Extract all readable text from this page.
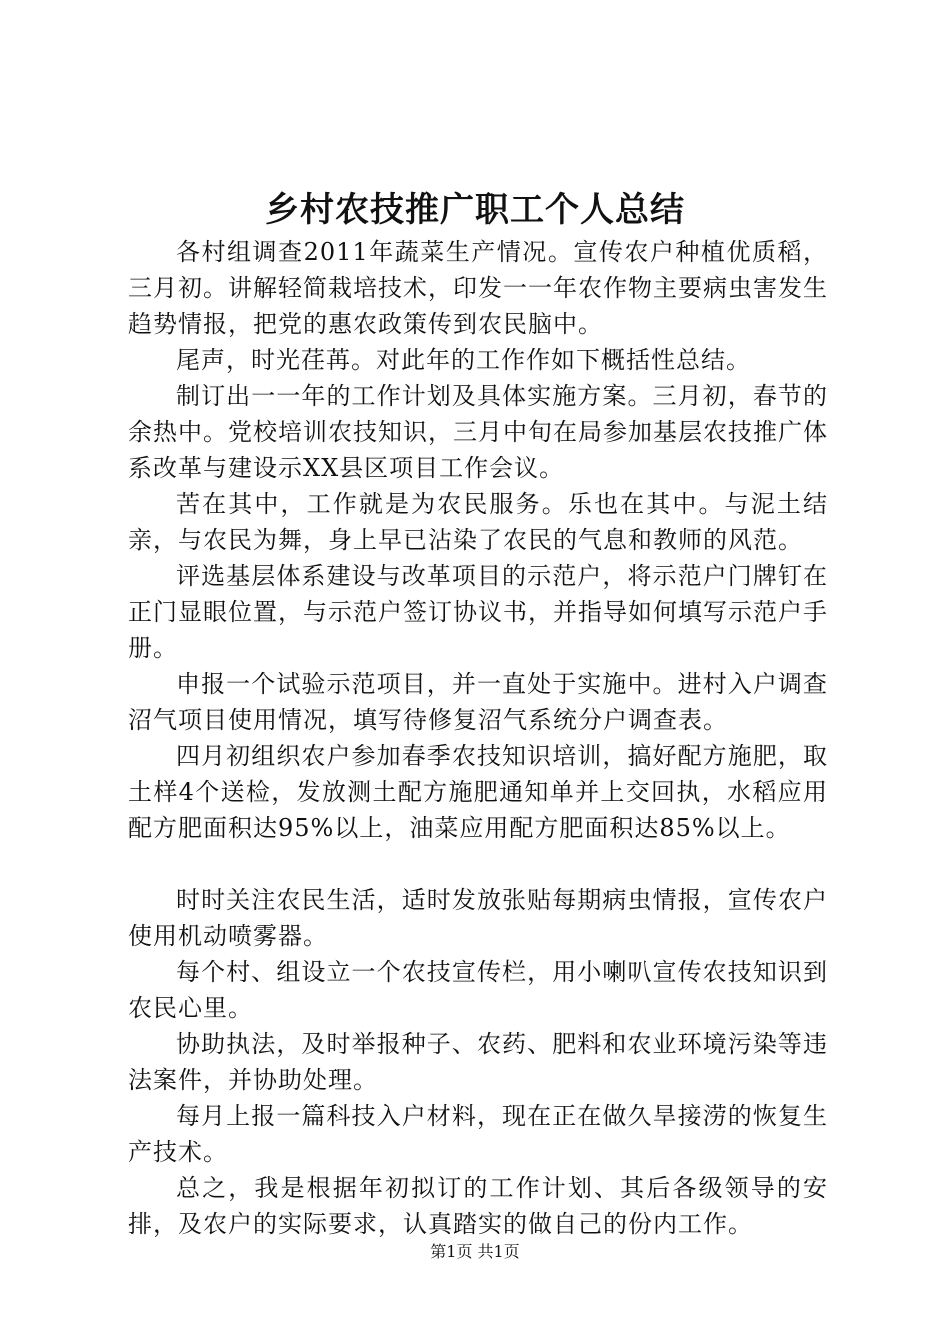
乡村农技推广职工个人总结

各村组调查2011年蔬菜生产情况。宣传农户种植优质稻，三月初。讲解轻简栽培技术，印发一一年农作物主要病虫害发生趋势情报，把党的惠农政策传到农民脑中。

尾声，时光荏苒。对此年的工作作如下概括性总结。

制订出一一年的工作计划及具体实施方案。三月初，春节的余热中。党校培训农技知识，三月中旬在局参加基层农技推广体系改革与建设示XX县区项目工作会议。

苦在其中，工作就是为农民服务。乐也在其中。与泥土结亲，与农民为舞，身上早已沾染了农民的气息和教师的风范。

评选基层体系建设与改革项目的示范户，将示范户门牌钉在正门显眼位置，与示范户签订协议书，并指导如何填写示范户手册。

申报一个试验示范项目，并一直处于实施中。进村入户调查沼气项目使用情况，填写待修复沼气系统分户调查表。

四月初组织农户参加春季农技知识培训，搞好配方施肥，取土样4个送检，发放测土配方施肥通知单并上交回执，水稻应用配方肥面积达95%以上，油菜应用配方肥面积达85%以上。

时时关注农民生活，适时发放张贴每期病虫情报，宣传农户使用机动喷雾器。

每个村、组设立一个农技宣传栏，用小喇叭宣传农技知识到农民心里。

协助执法，及时举报种子、农药、肥料和农业环境污染等违法案件，并协助处理。

每月上报一篇科技入户材料，现在正在做久旱接涝的恢复生产技术。

总之，我是根据年初拟订的工作计划、其后各级领导的安排，及农户的实际要求，认真踏实的做自己的份内工作。

第1页 共1页
